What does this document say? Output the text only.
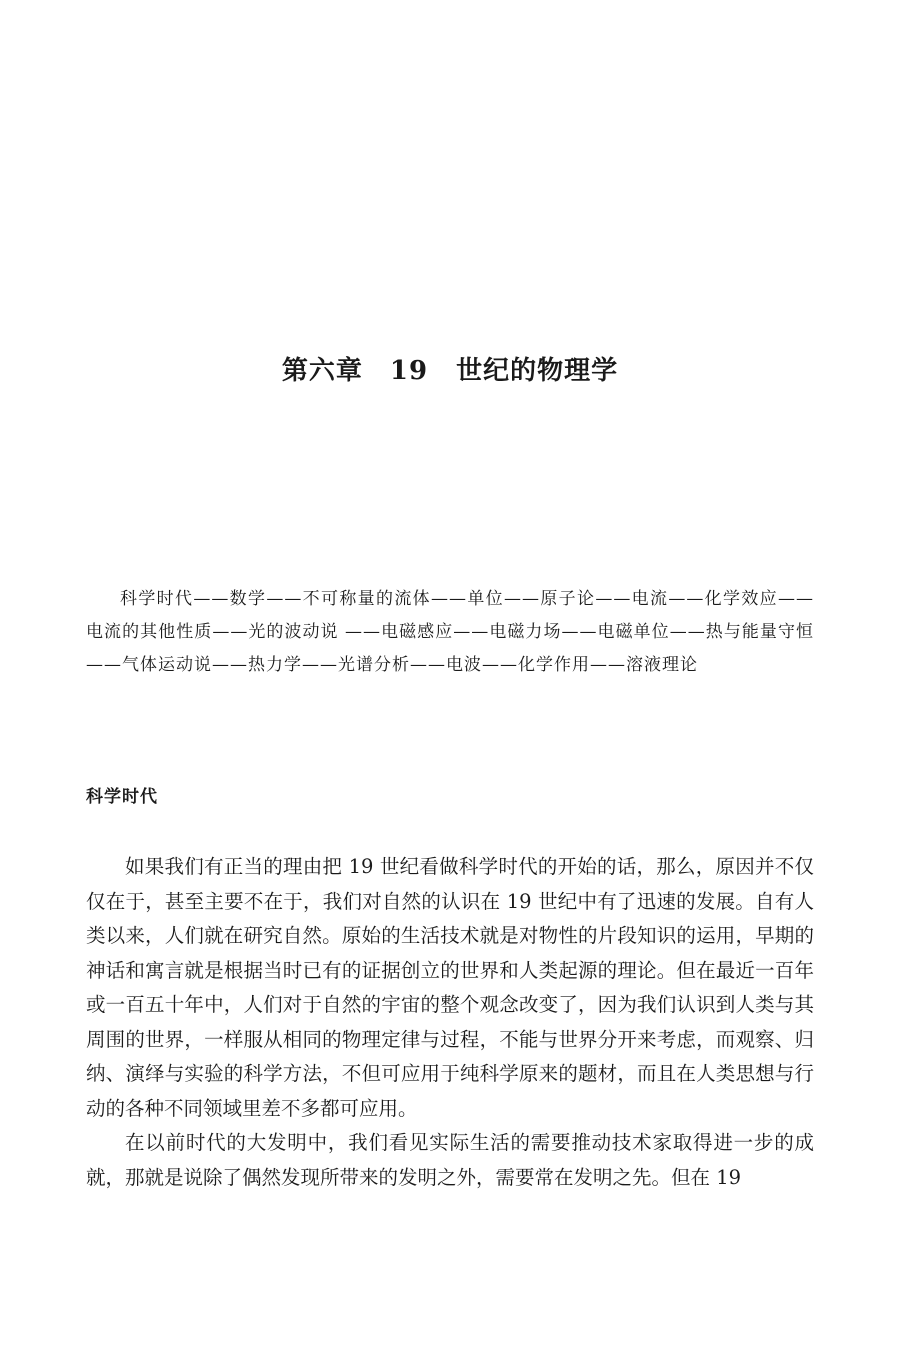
第六章　19 世纪的物理学
科学时代——数学——不可称量的流体——单位——原子论——电流——化学效应——电流的其他性质——光的波动说 ——电磁感应——电磁力场——电磁单位——热与能量守恒——气体运动说——热力学——光谱分析——电波——化学作用——溶液理论
科学时代

如果我们有正当的理由把 19 世纪看做科学时代的开始的话，那么，原因并不仅仅在于，甚至主要不在于，我们对自然的认识在 19 世纪中有了迅速的发展。自有人类以来，人们就在研究自然。原始的生活技术就是对物性的片段知识的运用，早期的神话和寓言就是根据当时已有的证据创立的世界和人类起源的理论。但在最近一百年或一百五十年中，人们对于自然的宇宙的整个观念改变了，因为我们认识到人类与其周围的世界，一样服从相同的物理定律与过程，不能与世界分开来考虑，而观察、归纳、演绎与实验的科学方法，不但可应用于纯科学原来的题材，而且在人类思想与行动的各种不同领域里差不多都可应用。

在以前时代的大发明中，我们看见实际生活的需要推动技术家取得进一步的成就，那就是说除了偶然发现所带来的发明之外，需要常在发明之先。但在 19
